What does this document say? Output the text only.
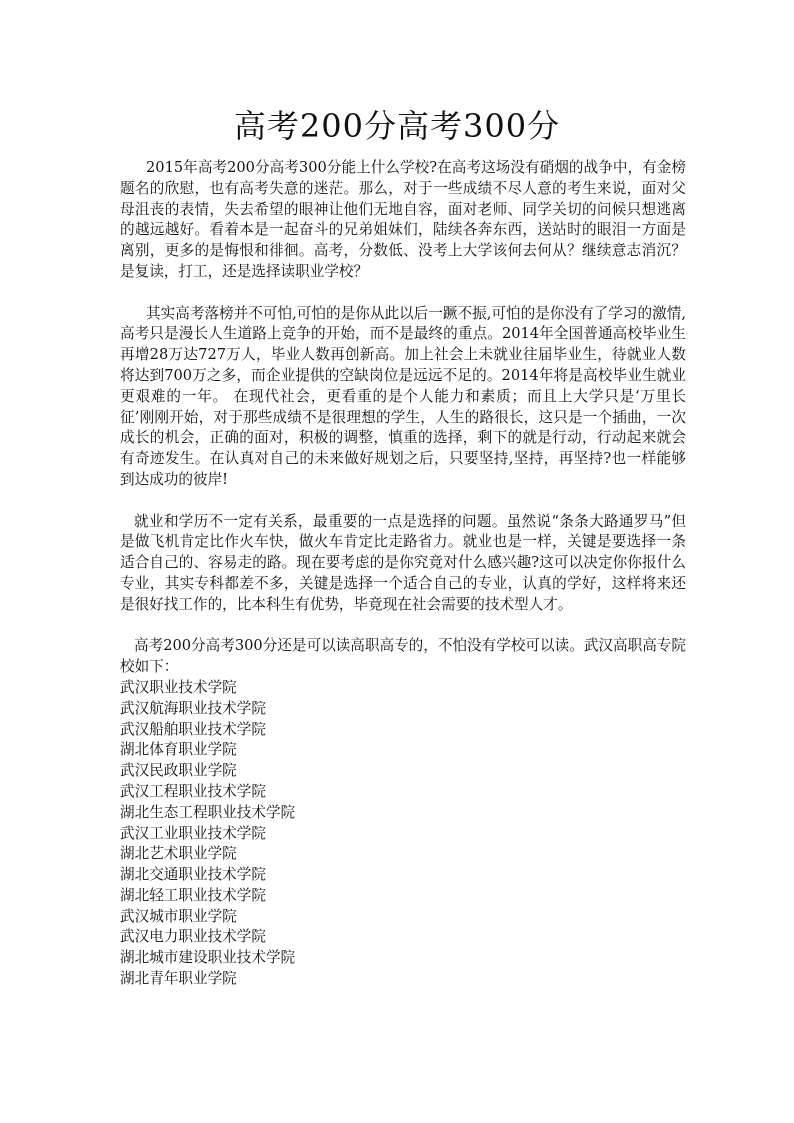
高考200分高考300分

2015年高考200分高考300分能上什么学校?在高考这场没有硝烟的战争中，有金榜题名的欣慰，也有高考失意的迷茫。那么，对于一些成绩不尽人意的考生来说，面对父母沮丧的表情，失去希望的眼神让他们无地自容，面对老师、同学关切的问候只想逃离的越远越好。看着本是一起奋斗的兄弟姐妹们，陆续各奔东西，送站时的眼泪一方面是离别，更多的是悔恨和徘徊。高考，分数低、没考上大学该何去何从？继续意志消沉？是复读，打工，还是选择读职业学校？

其实高考落榜并不可怕,可怕的是你从此以后一蹶不振,可怕的是你没有了学习的激情,高考只是漫长人生道路上竞争的开始，而不是最终的重点。2014年全国普通高校毕业生再增28万达727万人，毕业人数再创新高。加上社会上未就业往届毕业生，待就业人数将达到700万之多，而企业提供的空缺岗位是远远不足的。2014年将是高校毕业生就业更艰难的一年。 在现代社会，更看重的是个人能力和素质；而且上大学只是‘万里长征’刚刚开始，对于那些成绩不是很理想的学生，人生的路很长，这只是一个插曲，一次成长的机会，正确的面对，积极的调整，慎重的选择，剩下的就是行动，行动起来就会有奇迹发生。在认真对自己的未来做好规划之后，只要坚持,坚持，再坚持?也一样能够到达成功的彼岸!

就业和学历不一定有关系，最重要的一点是选择的问题。虽然说“条条大路通罗马”但是做飞机肯定比作火车快，做火车肯定比走路省力。就业也是一样，关键是要选择一条适合自己的、容易走的路。现在要考虑的是你究竟对什么感兴趣?这可以决定你你报什么专业，其实专科都差不多，关键是选择一个适合自己的专业，认真的学好，这样将来还是很好找工作的，比本科生有优势，毕竟现在社会需要的技术型人才。

高考200分高考300分还是可以读高职高专的，不怕没有学校可以读。武汉高职高专院校如下：

武汉职业技术学院
武汉航海职业技术学院
武汉船舶职业技术学院
湖北体育职业学院
武汉民政职业学院
武汉工程职业技术学院
湖北生态工程职业技术学院
武汉工业职业技术学院
湖北艺术职业学院
湖北交通职业技术学院
湖北轻工职业技术学院
武汉城市职业学院
武汉电力职业技术学院
湖北城市建设职业技术学院
湖北青年职业学院
